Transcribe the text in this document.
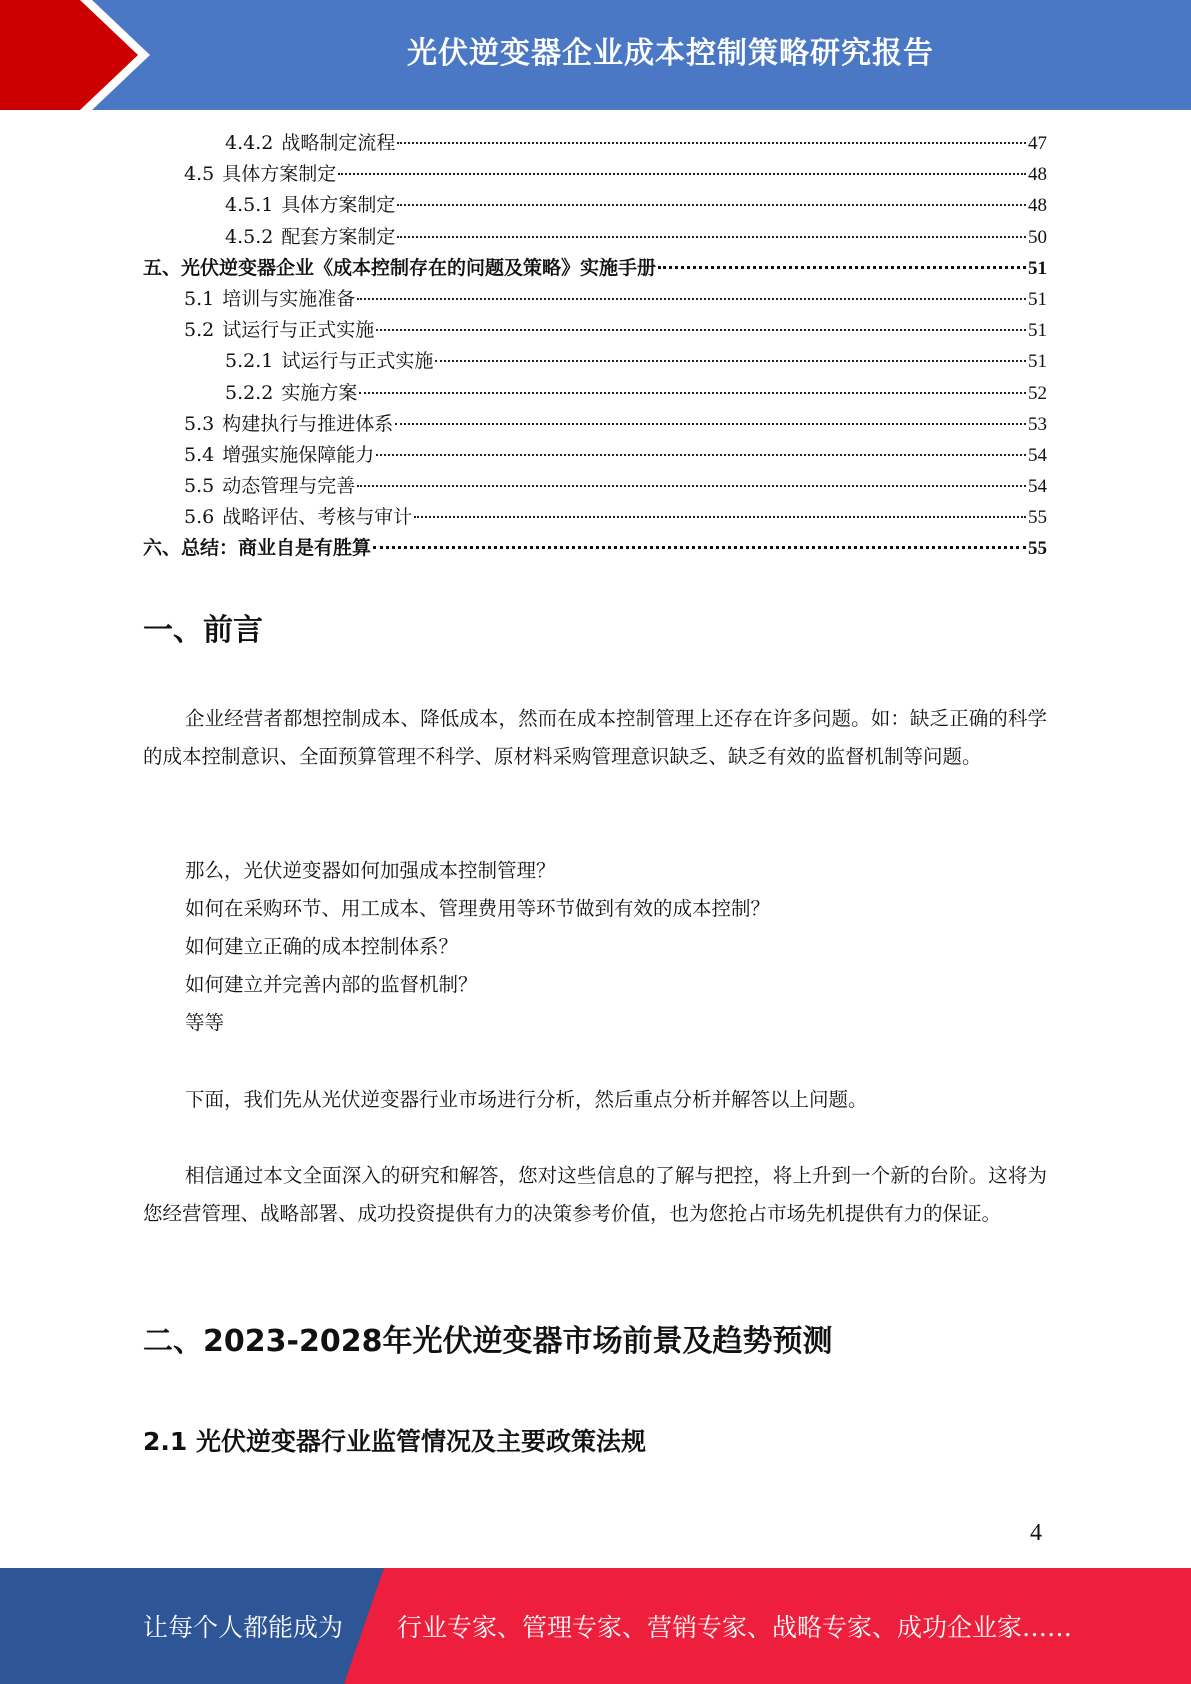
光伏逆变器企业成本控制策略研究报告
4.4.2 战略制定流程	47
4.5 具体方案制定	48
4.5.1 具体方案制定	48
4.5.2 配套方案制定	50
五、光伏逆变器企业《成本控制存在的问题及策略》实施手册	51
5.1 培训与实施准备	51
5.2 试运行与正式实施	51
5.2.1 试运行与正式实施	51
5.2.2 实施方案	52
5.3 构建执行与推进体系	53
5.4 增强实施保障能力	54
5.5 动态管理与完善	54
5.6 战略评估、考核与审计	55
六、总结：商业自是有胜算	55
一、前言

企业经营者都想控制成本、降低成本，然而在成本控制管理上还存在许多问题。如：缺乏正确的科学的成本控制意识、全面预算管理不科学、原材料采购管理意识缺乏、缺乏有效的监督机制等问题。

那么，光伏逆变器如何加强成本控制管理？

如何在采购环节、用工成本、管理费用等环节做到有效的成本控制？

如何建立正确的成本控制体系？

如何建立并完善内部的监督机制？

等等

下面，我们先从光伏逆变器行业市场进行分析，然后重点分析并解答以上问题。

相信通过本文全面深入的研究和解答，您对这些信息的了解与把控，将上升到一个新的台阶。这将为您经营管理、战略部署、成功投资提供有力的决策参考价值，也为您抢占市场先机提供有力的保证。

二、2023-2028年光伏逆变器市场前景及趋势预测
2.1 光伏逆变器行业监管情况及主要政策法规
4
让每个人都能成为 行业专家、管理专家、营销专家、战略专家、成功企业家……
